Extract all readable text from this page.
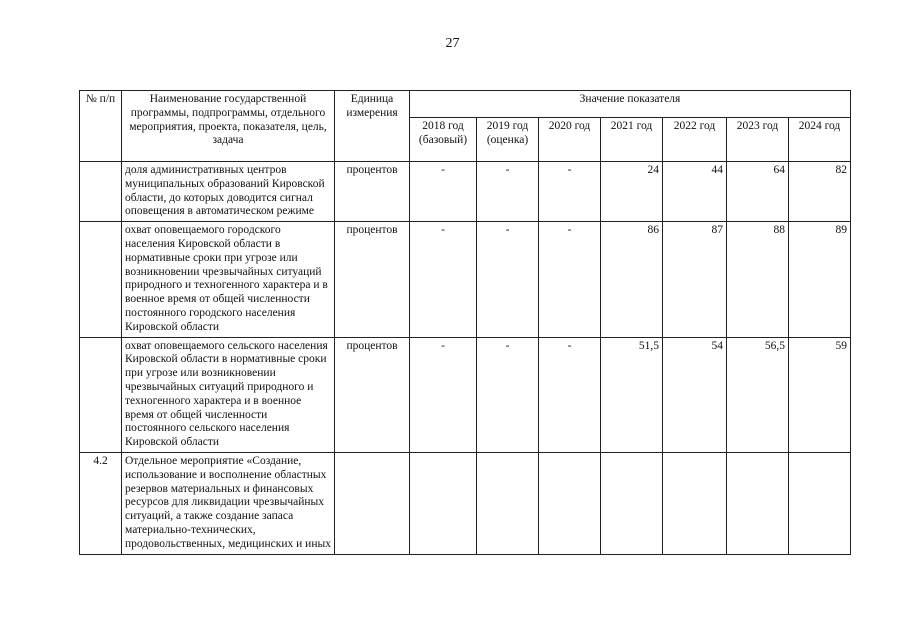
27
№ п/п	Наименование государственной программы, подпрограммы, отдельного мероприятия, проекта, показателя, цель, задача	Единица измерения	Значение показателя						
			2018 год (базовый)	2019 год (оценка)	2020 год	2021 год	2022 год	2023 год	2024 год
	доля административных центров муниципальных образований Кировской области, до которых доводится сигнал оповещения в автоматическом режиме	процентов	-	-	-	24	44	64	82
	охват оповещаемого городского населения Кировской области в нормативные сроки при угрозе или возникновении чрезвычайных ситуаций природного и техногенного характера и в военное время от общей численности постоянного городского населения Кировской области	процентов	-	-	-	86	87	88	89
	охват оповещаемого сельского населения Кировской области в нормативные сроки при угрозе или возникновении чрезвычайных ситуаций природного и техногенного характера и в военное время от общей численности постоянного сельского населения Кировской области	процентов	-	-	-	51,5	54	56,5	59
4.2	Отдельное мероприятие «Создание, использование и восполнение областных резервов материальных и финансовых ресурсов для ликвидации чрезвычайных ситуаций, а также создание запаса материально-технических, продовольственных, медицинских и иных								
